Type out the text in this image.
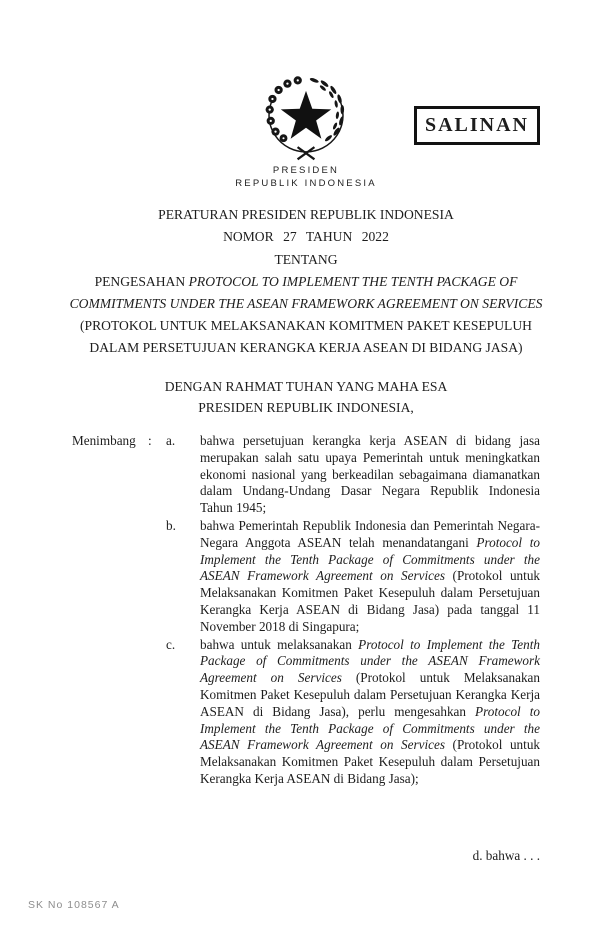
SALINAN
PRESIDEN
REPUBLIK INDONESIA
PERATURAN PRESIDEN REPUBLIK INDONESIA
NOMOR 27 TAHUN 2022
TENTANG
PENGESAHAN PROTOCOL TO IMPLEMENT THE TENTH PACKAGE OF
COMMITMENTS UNDER THE ASEAN FRAMEWORK AGREEMENT ON SERVICES
(PROTOKOL UNTUK MELAKSANAKAN KOMITMEN PAKET KESEPULUH
DALAM PERSETUJUAN KERANGKA KERJA ASEAN DI BIDANG JASA)
DENGAN RAHMAT TUHAN YANG MAHA ESA
PRESIDEN REPUBLIK INDONESIA,
Menimbang : a.	bahwa persetujuan kerangka kerja ASEAN di bidang jasa merupakan salah satu upaya Pemerintah untuk meningkatkan ekonomi nasional yang berkeadilan sebagaimana diamanatkan dalam Undang-Undang Dasar Negara Republik Indonesia Tahun 1945;
b.	bahwa Pemerintah Republik Indonesia dan Pemerintah Negara-Negara Anggota ASEAN telah menandatangani Protocol to Implement the Tenth Package of Commitments under the ASEAN Framework Agreement on Services (Protokol untuk Melaksanakan Komitmen Paket Kesepuluh dalam Persetujuan Kerangka Kerja ASEAN di Bidang Jasa) pada tanggal 11 November 2018 di Singapura;
c.	bahwa untuk melaksanakan Protocol to Implement the Tenth Package of Commitments under the ASEAN Framework Agreement on Services (Protokol untuk Melaksanakan Komitmen Paket Kesepuluh dalam Persetujuan Kerangka Kerja ASEAN di Bidang Jasa), perlu mengesahkan Protocol to Implement the Tenth Package of Commitments under the ASEAN Framework Agreement on Services (Protokol untuk Melaksanakan Komitmen Paket Kesepuluh dalam Persetujuan Kerangka Kerja ASEAN di Bidang Jasa);
d. bahwa . . .
SK No 108567 A
